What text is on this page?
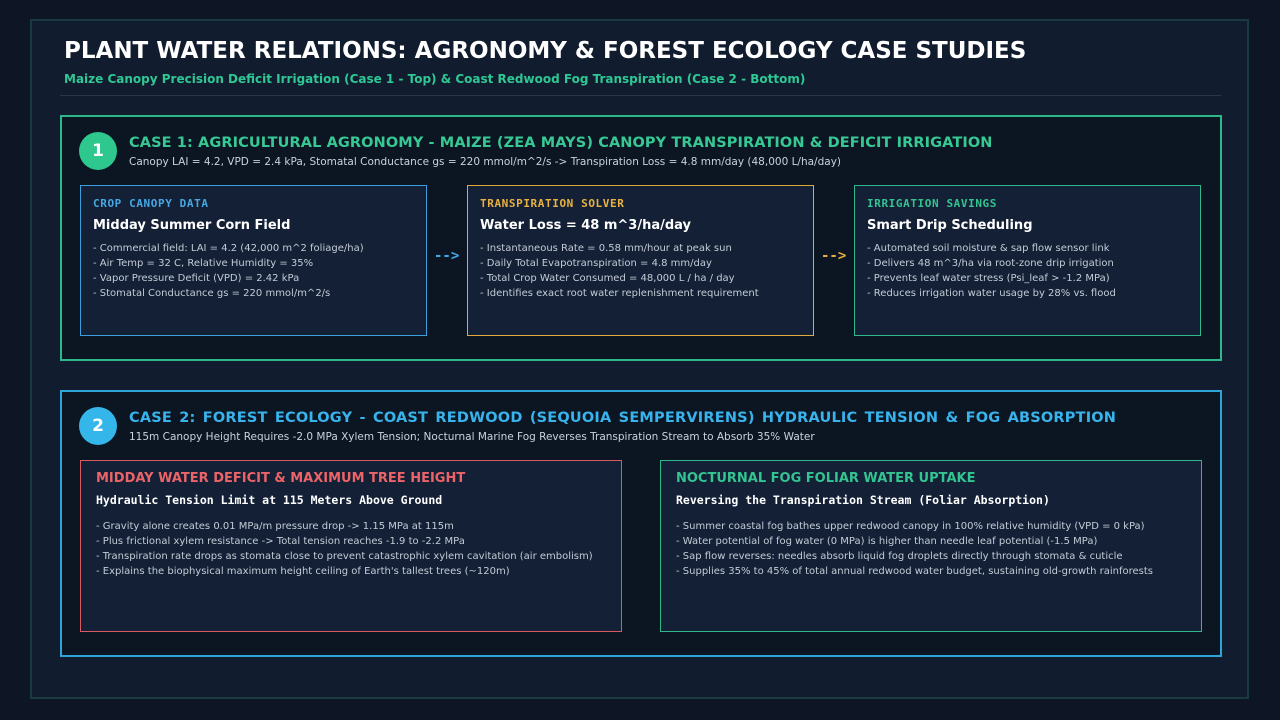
PLANT WATER RELATIONS: AGRONOMY & FOREST ECOLOGY CASE STUDIES
Maize Canopy Precision Deficit Irrigation (Case 1 - Top) & Coast Redwood Fog Transpiration (Case 2 - Bottom)
1	CASE 1: AGRICULTURAL AGRONOMY - MAIZE (ZEA MAYS) CANOPY TRANSPIRATION & DEFICIT IRRIGATION
Canopy LAI = 4.2, VPD = 2.4 kPa, Stomatal Conductance gs = 220 mmol/m^2/s -> Transpiration Loss = 4.8 mm/day (48,000 L/ha/day)
CROP CANOPY DATA
Midday Summer Corn Field
- Commercial field: LAI = 4.2 (42,000 m^2 foliage/ha)
- Air Temp = 32 C, Relative Humidity = 35%
- Vapor Pressure Deficit (VPD) = 2.42 kPa
- Stomatal Conductance gs = 220 mmol/m^2/s
-->
TRANSPIRATION SOLVER
Water Loss = 48 m^3/ha/day
- Instantaneous Rate = 0.58 mm/hour at peak sun
- Daily Total Evapotranspiration = 4.8 mm/day
- Total Crop Water Consumed = 48,000 L / ha / day
- Identifies exact root water replenishment requirement
-->
IRRIGATION SAVINGS
Smart Drip Scheduling
- Automated soil moisture & sap flow sensor link
- Delivers 48 m^3/ha via root-zone drip irrigation
- Prevents leaf water stress (Psi_leaf > -1.2 MPa)
- Reduces irrigation water usage by 28% vs. flood
2	CASE 2: FOREST ECOLOGY - COAST REDWOOD (SEQUOIA SEMPERVIRENS) HYDRAULIC TENSION & FOG ABSORPTION
115m Canopy Height Requires -2.0 MPa Xylem Tension; Nocturnal Marine Fog Reverses Transpiration Stream to Absorb 35% Water
MIDDAY WATER DEFICIT & MAXIMUM TREE HEIGHT
Hydraulic Tension Limit at 115 Meters Above Ground
- Gravity alone creates 0.01 MPa/m pressure drop -> 1.15 MPa at 115m
- Plus frictional xylem resistance -> Total tension reaches -1.9 to -2.2 MPa
- Transpiration rate drops as stomata close to prevent catastrophic xylem cavitation (air embolism)
- Explains the biophysical maximum height ceiling of Earth's tallest trees (~120m)
NOCTURNAL FOG FOLIAR WATER UPTAKE
Reversing the Transpiration Stream (Foliar Absorption)
- Summer coastal fog bathes upper redwood canopy in 100% relative humidity (VPD = 0 kPa)
- Water potential of fog water (0 MPa) is higher than needle leaf potential (-1.5 MPa)
- Sap flow reverses: needles absorb liquid fog droplets directly through stomata & cuticle
- Supplies 35% to 45% of total annual redwood water budget, sustaining old-growth rainforests
